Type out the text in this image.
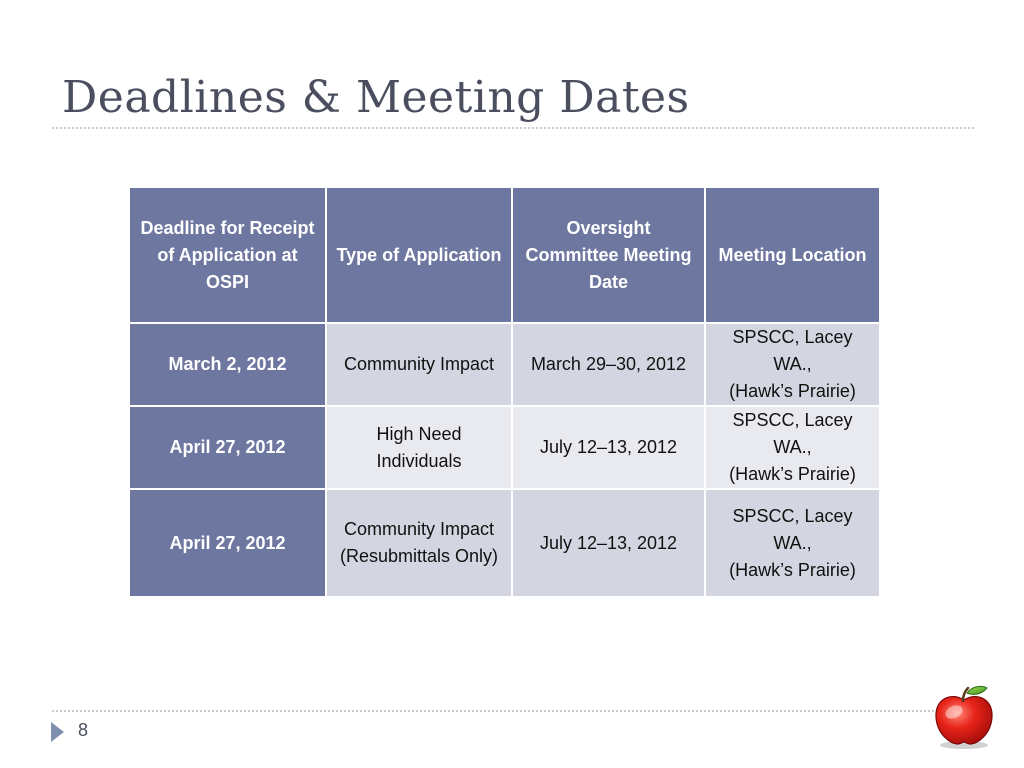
Deadlines & Meeting Dates
Deadline for Receipt of Application at OSPI	Type of Application	Oversight Committee Meeting Date	Meeting Location
March 2, 2012	Community Impact	March 29–30, 2012	SPSCC, Lacey WA.,
(Hawk’s Prairie)
April 27, 2012	High Need Individuals	July 12–13, 2012	SPSCC, Lacey WA.,
(Hawk’s Prairie)
April 27, 2012	Community Impact (Resubmittals Only)	July 12–13, 2012	SPSCC, Lacey WA.,
(Hawk’s Prairie)
8
